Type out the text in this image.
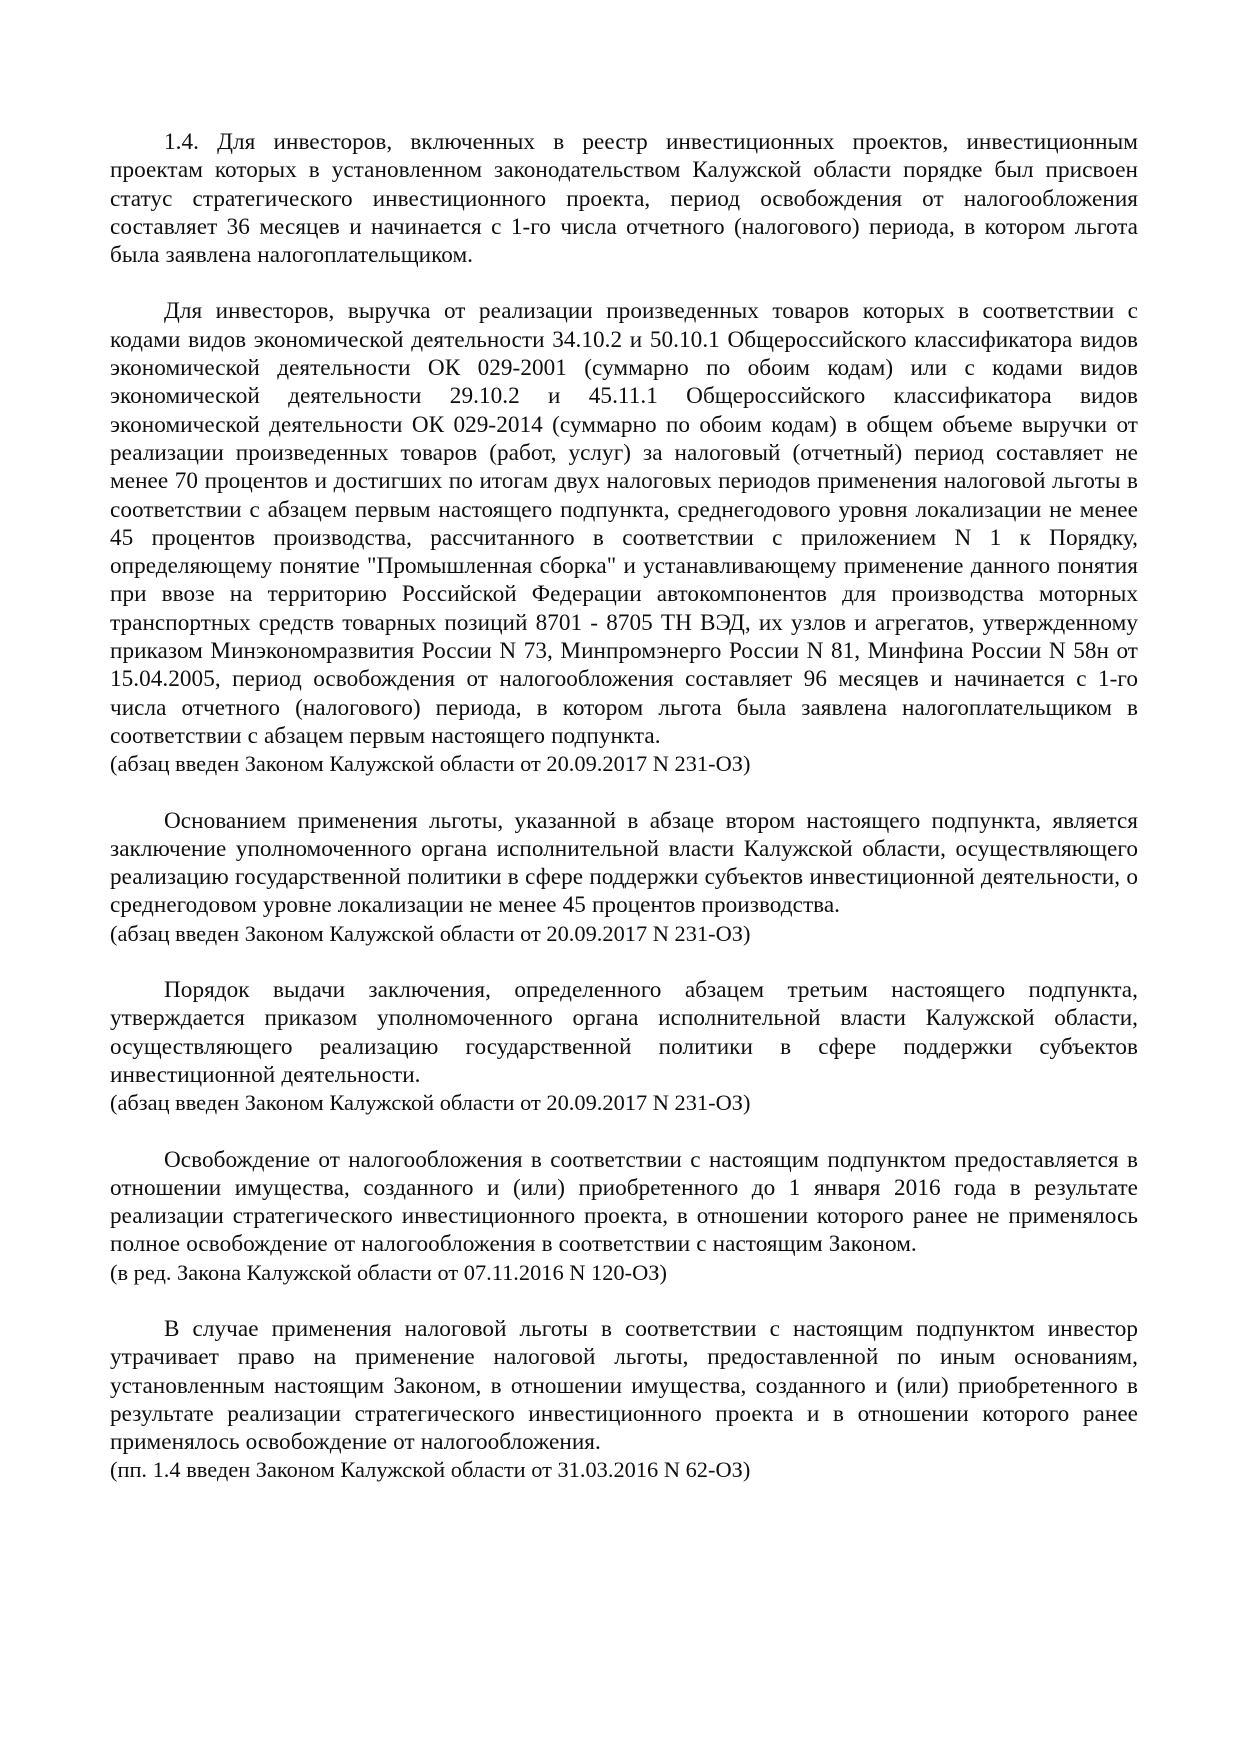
1.4. Для инвесторов, включенных в реестр инвестиционных проектов, инвестиционным проектам которых в установленном законодательством Калужской области порядке был присвоен статус стратегического инвестиционного проекта, период освобождения от налогообложения составляет 36 месяцев и начинается с 1-го числа отчетного (налогового) периода, в котором льгота была заявлена налогоплательщиком.

Для инвесторов, выручка от реализации произведенных товаров которых в соответствии с кодами видов экономической деятельности 34.10.2 и 50.10.1 Общероссийского классификатора видов экономической деятельности ОК 029-2001 (суммарно по обоим кодам) или с кодами видов экономической деятельности 29.10.2 и 45.11.1 Общероссийского классификатора видов экономической деятельности ОК 029-2014 (суммарно по обоим кодам) в общем объеме выручки от реализации произведенных товаров (работ, услуг) за налоговый (отчетный) период составляет не менее 70 процентов и достигших по итогам двух налоговых периодов применения налоговой льготы в соответствии с абзацем первым настоящего подпункта, среднегодового уровня локализации не менее 45 процентов производства, рассчитанного в соответствии с приложением N 1 к Порядку, определяющему понятие "Промышленная сборка" и устанавливающему применение данного понятия при ввозе на территорию Российской Федерации автокомпонентов для производства моторных транспортных средств товарных позиций 8701 - 8705 ТН ВЭД, их узлов и агрегатов, утвержденному приказом Минэкономразвития России N 73, Минпромэнерго России N 81, Минфина России N 58н от 15.04.2005, период освобождения от налогообложения составляет 96 месяцев и начинается с 1-го числа отчетного (налогового) периода, в котором льгота была заявлена налогоплательщиком в соответствии с абзацем первым настоящего подпункта.

(абзац введен Законом Калужской области от 20.09.2017 N 231-ОЗ)

Основанием применения льготы, указанной в абзаце втором настоящего подпункта, является заключение уполномоченного органа исполнительной власти Калужской области, осуществляющего реализацию государственной политики в сфере поддержки субъектов инвестиционной деятельности, о среднегодовом уровне локализации не менее 45 процентов производства.

(абзац введен Законом Калужской области от 20.09.2017 N 231-ОЗ)

Порядок выдачи заключения, определенного абзацем третьим настоящего подпункта, утверждается приказом уполномоченного органа исполнительной власти Калужской области, осуществляющего реализацию государственной политики в сфере поддержки субъектов инвестиционной деятельности.

(абзац введен Законом Калужской области от 20.09.2017 N 231-ОЗ)

Освобождение от налогообложения в соответствии с настоящим подпунктом предоставляется в отношении имущества, созданного и (или) приобретенного до 1 января 2016 года в результате реализации стратегического инвестиционного проекта, в отношении которого ранее не применялось полное освобождение от налогообложения в соответствии с настоящим Законом.

(в ред. Закона Калужской области от 07.11.2016 N 120-ОЗ)

В случае применения налоговой льготы в соответствии с настоящим подпунктом инвестор утрачивает право на применение налоговой льготы, предоставленной по иным основаниям, установленным настоящим Законом, в отношении имущества, созданного и (или) приобретенного в результате реализации стратегического инвестиционного проекта и в отношении которого ранее применялось освобождение от налогообложения.

(пп. 1.4 введен Законом Калужской области от 31.03.2016 N 62-ОЗ)
